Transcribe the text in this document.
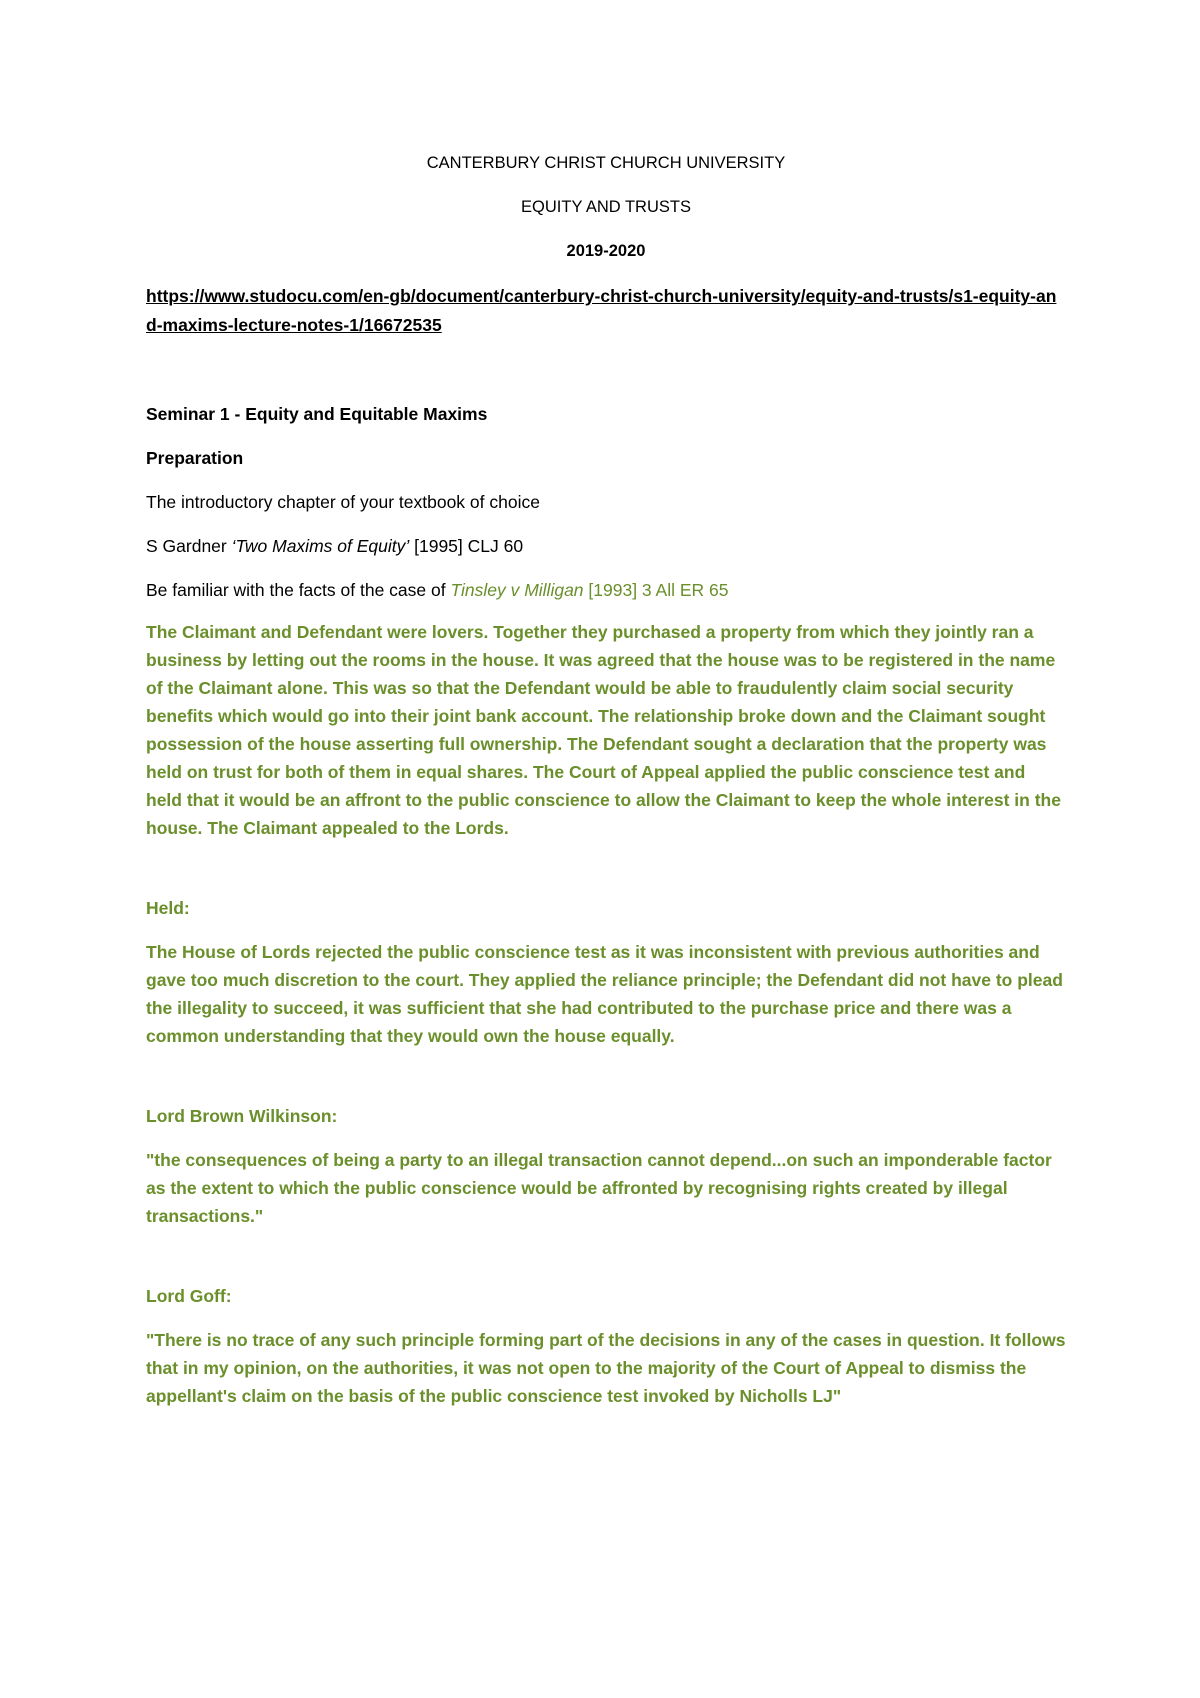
CANTERBURY CHRIST CHURCH UNIVERSITY

EQUITY AND TRUSTS

2019-2020

https://www.studocu.com/en-gb/document/canterbury-christ-church-university/equity-and-trusts/s1-equity-and-maxims-lecture-notes-1/16672535

Seminar 1 - Equity and Equitable Maxims

Preparation

The introductory chapter of your textbook of choice

S Gardner ‘Two Maxims of Equity’ [1995] CLJ 60

Be familiar with the facts of the case of Tinsley v Milligan [1993] 3 All ER 65

The Claimant and Defendant were lovers. Together they purchased a property from which they jointly ran a business by letting out the rooms in the house. It was agreed that the house was to be registered in the name of the Claimant alone. This was so that the Defendant would be able to fraudulently claim social security benefits which would go into their joint bank account. The relationship broke down and the Claimant sought possession of the house asserting full ownership. The Defendant sought a declaration that the property was held on trust for both of them in equal shares. The Court of Appeal applied the public conscience test and held that it would be an affront to the public conscience to allow the Claimant to keep the whole interest in the house. The Claimant appealed to the Lords.

Held:

The House of Lords rejected the public conscience test as it was inconsistent with previous authorities and gave too much discretion to the court. They applied the reliance principle; the Defendant did not have to plead the illegality to succeed, it was sufficient that she had contributed to the purchase price and there was a common understanding that they would own the house equally.

Lord Brown Wilkinson:

"the consequences of being a party to an illegal transaction cannot depend...on such an imponderable factor as the extent to which the public conscience would be affronted by recognising rights created by illegal transactions."

Lord Goff:

"There is no trace of any such principle forming part of the decisions in any of the cases in question. It follows that in my opinion, on the authorities, it was not open to the majority of the Court of Appeal to dismiss the appellant's claim on the basis of the public conscience test invoked by Nicholls LJ"
